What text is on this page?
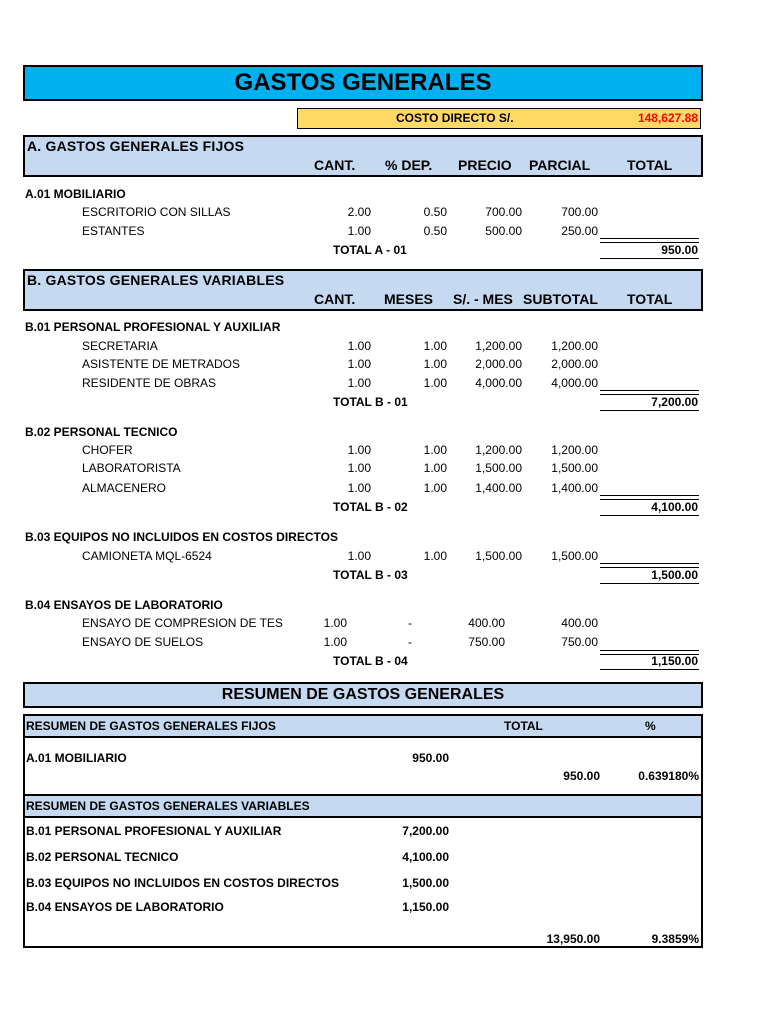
GASTOS GENERALES
COSTO DIRECTO S/.	148,627.88
A. GASTOS GENERALES FIJOS
CANT. % DEP. PRECIO PARCIAL	TOTAL
A.01 MOBILIARIO
ESCRITORIO CON SILLAS	2.00	0.50	700.00	700.00
ESTANTES	1.00	0.50	500.00	250.00
TOTAL A - 01	950.00
B. GASTOS GENERALES VARIABLES
CANT. MESES S/. - MES SUBTOTAL TOTAL
B.01 PERSONAL PROFESIONAL Y AUXILIAR
SECRETARIA	1.00	1.00 1,200.00 1,200.00
ASISTENTE DE METRADOS	1.00	1.00 2,000.00 2,000.00
RESIDENTE DE OBRAS	1.00	1.00 4,000.00 4,000.00
TOTAL B - 01	7,200.00
B.02 PERSONAL TECNICO
CHOFER	1.00	1.00 1,200.00 1,200.00
LABORATORISTA	1.00	1.00 1,500.00 1,500.00
ALMACENERO	1.00	1.00 1,400.00 1,400.00
TOTAL B - 02	4,100.00
B.03 EQUIPOS NO INCLUIDOS EN COSTOS DIRECTOS
CAMIONETA MQL-6524	1.00	1.00 1,500.00 1,500.00
TOTAL B - 03	1,500.00
B.04 ENSAYOS DE LABORATORIO
ENSAYO DE COMPRESION DE TES	1.00	-	400.00	400.00
ENSAYO DE SUELOS	1.00	-	750.00	750.00
TOTAL B - 04	1,150.00
RESUMEN DE GASTOS GENERALES
RESUMEN DE GASTOS GENERALES FIJOS	TOTAL	%
A.01 MOBILIARIO	950.00
950.00	0.639180%
RESUMEN DE GASTOS GENERALES VARIABLES
B.01 PERSONAL PROFESIONAL Y AUXILIAR	7,200.00
B.02 PERSONAL TECNICO	4,100.00
B.03 EQUIPOS NO INCLUIDOS EN COSTOS DIRECTOS	1,500.00
B.04 ENSAYOS DE LABORATORIO	1,150.00
13,950.00	9.3859%
